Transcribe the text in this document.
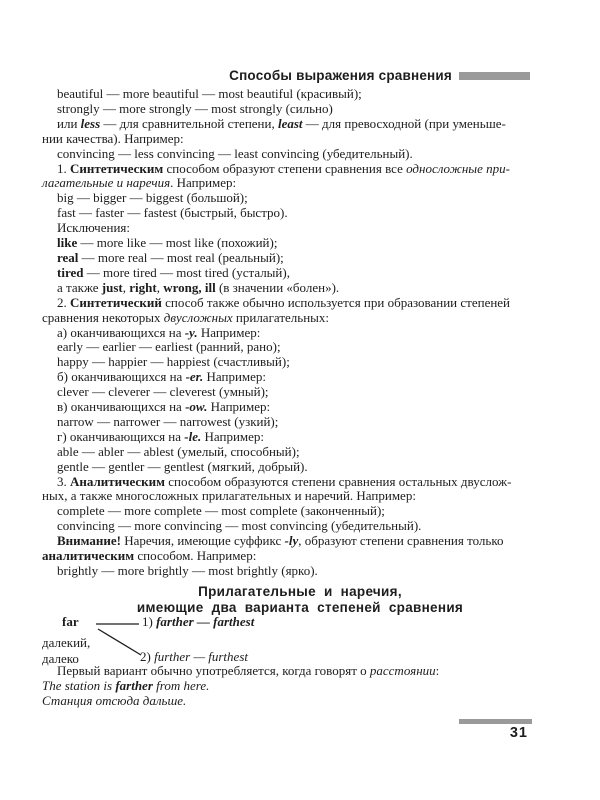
Способы выражения сравнения
beautiful — more beautiful — most beautiful (красивый);
strongly — more strongly — most strongly (сильно)
или less — для сравнительной степени, least — для превосходной (при уменьше-
нии качества). Например:
convincing — less convincing — least convincing (убедительный).
1. Синтетическим способом образуют степени сравнения все односложные при-
лагательные и наречия. Например:
big — bigger — biggest (большой);
fast — faster — fastest (быстрый, быстро).
Исключения:
like — more like — most like (похожий);
real — more real — most real (реальный);
tired — more tired — most tired (усталый),
а также just, right, wrong, ill (в значении «болен»).
2. Синтетический способ также обычно используется при образовании степеней
сравнения некоторых двусложных прилагательных:
а) оканчивающихся на -y. Например:
early — earlier — earliest (ранний, рано);
happy — happier — happiest (счастливый);
б) оканчивающихся на -er. Например:
clever — cleverer — cleverest (умный);
в) оканчивающихся на -ow. Например:
narrow — narrower — narrowest (узкий);
г) оканчивающихся на -le. Например:
able — abler — ablest (умелый, способный);
gentle — gentler — gentlest (мягкий, добрый).
3. Аналитическим способом образуются степени сравнения остальных двуслож-
ных, а также многосложных прилагательных и наречий. Например:
complete — more complete — most complete (законченный);
convincing — more convincing — most convincing (убедительный).
Внимание! Наречия, имеющие суффикс -ly, образуют степени сравнения только
аналитическим способом. Например:
brightly — more brightly — most brightly (ярко).
Прилагательные и наречия,
имеющие два варианта степеней сравнения
far
далекий,
далеко
1) farther — farthest
2) further — furthest
Первый вариант обычно употребляется, когда говорят о расстоянии:
The station is farther from here.
Станция отсюда дальше.
31
